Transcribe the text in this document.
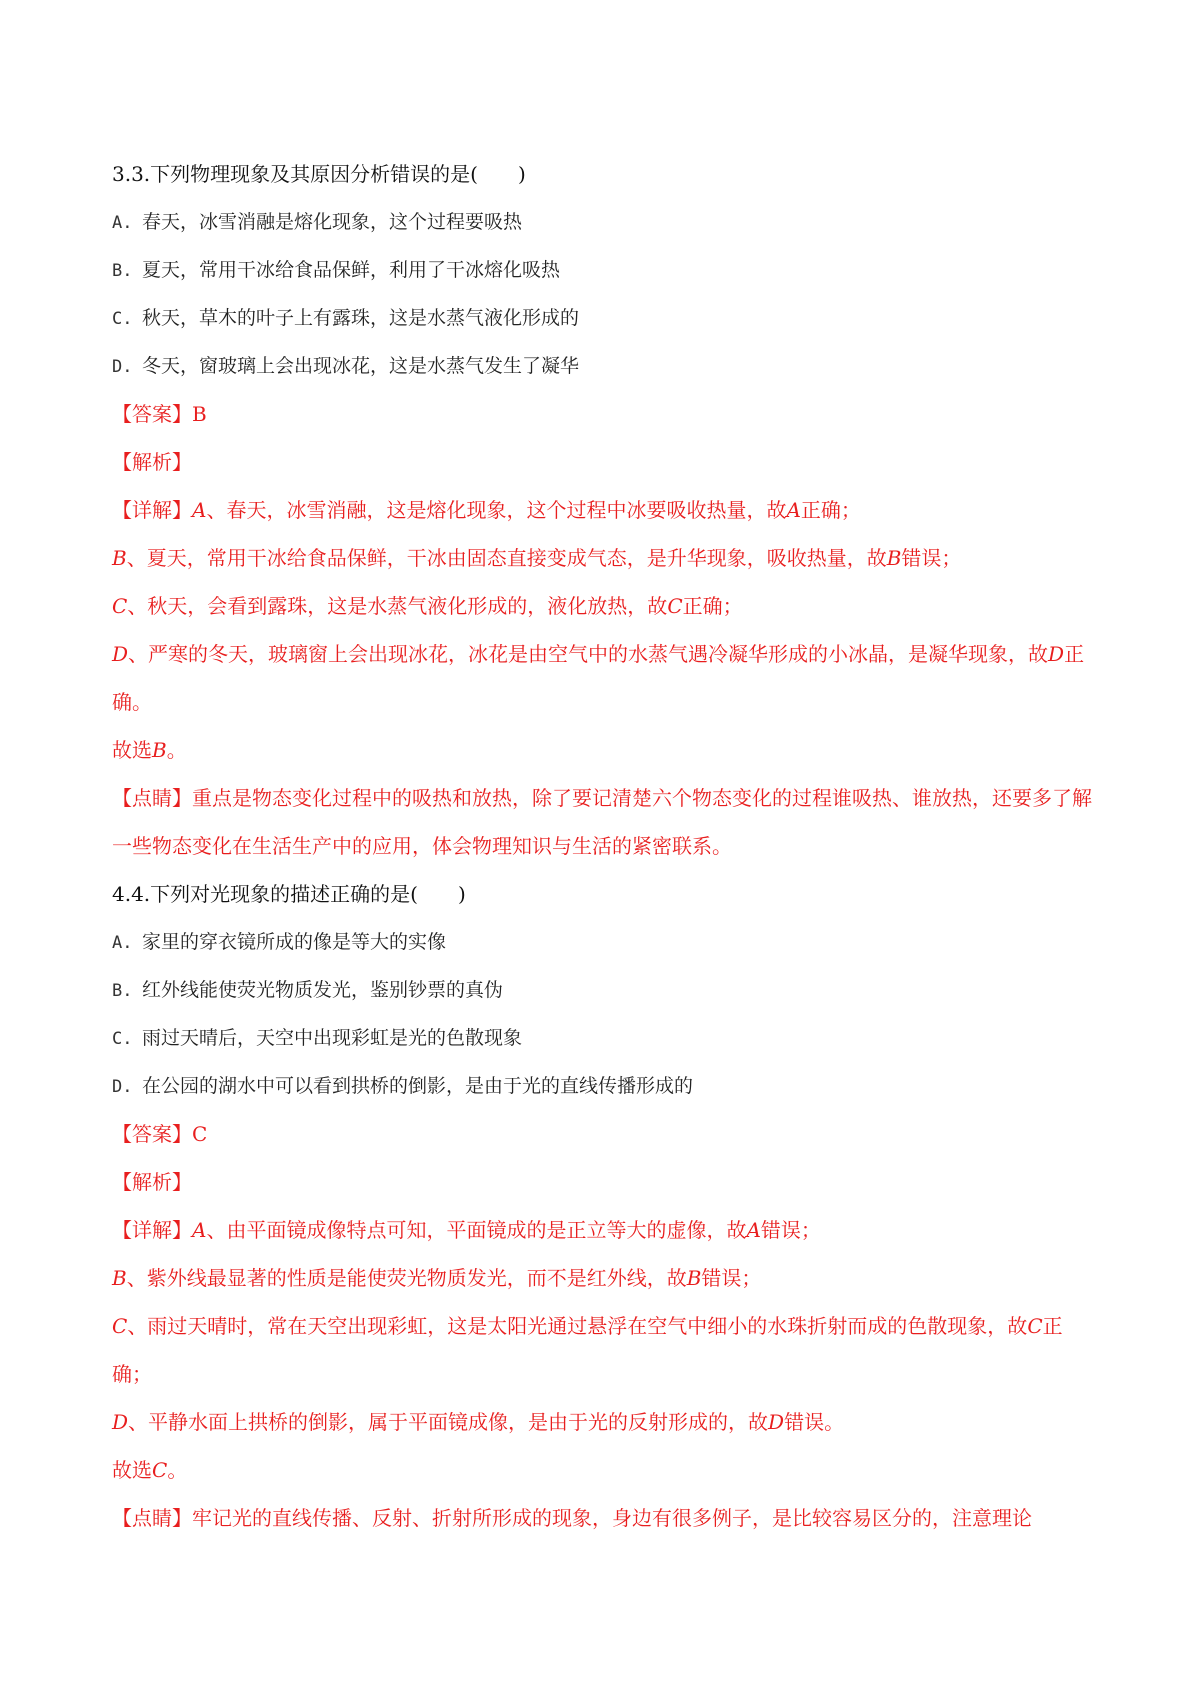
3.3.下列物理现象及其原因分析错误的是(　　)
A. 春天，冰雪消融是熔化现象，这个过程要吸热
B. 夏天，常用干冰给食品保鲜，利用了干冰熔化吸热
C. 秋天，草木的叶子上有露珠，这是水蒸气液化形成的
D. 冬天，窗玻璃上会出现冰花，这是水蒸气发生了凝华
【答案】B
【解析】
【详解】A、春天，冰雪消融，这是熔化现象，这个过程中冰要吸收热量，故A正确；
B、夏天，常用干冰给食品保鲜，干冰由固态直接变成气态，是升华现象，吸收热量，故B错误；
C、秋天，会看到露珠，这是水蒸气液化形成的，液化放热，故C正确；
D、严寒的冬天，玻璃窗上会出现冰花，冰花是由空气中的水蒸气遇冷凝华形成的小冰晶，是凝华现象，故D正确。
故选B。
【点睛】重点是物态变化过程中的吸热和放热，除了要记清楚六个物态变化的过程谁吸热、谁放热，还要多了解一些物态变化在生活生产中的应用，体会物理知识与生活的紧密联系。
4.4.下列对光现象的描述正确的是(　　)
A. 家里的穿衣镜所成的像是等大的实像
B. 红外线能使荧光物质发光，鉴别钞票的真伪
C. 雨过天晴后，天空中出现彩虹是光的色散现象
D. 在公园的湖水中可以看到拱桥的倒影，是由于光的直线传播形成的
【答案】C
【解析】
【详解】A、由平面镜成像特点可知，平面镜成的是正立等大的虚像，故A错误；
B、紫外线最显著的性质是能使荧光物质发光，而不是红外线，故B错误；
C、雨过天晴时，常在天空出现彩虹，这是太阳光通过悬浮在空气中细小的水珠折射而成的色散现象，故C正确；
D、平静水面上拱桥的倒影，属于平面镜成像，是由于光的反射形成的，故D错误。
故选C。
【点睛】牢记光的直线传播、反射、折射所形成的现象，身边有很多例子，是比较容易区分的，注意理论
